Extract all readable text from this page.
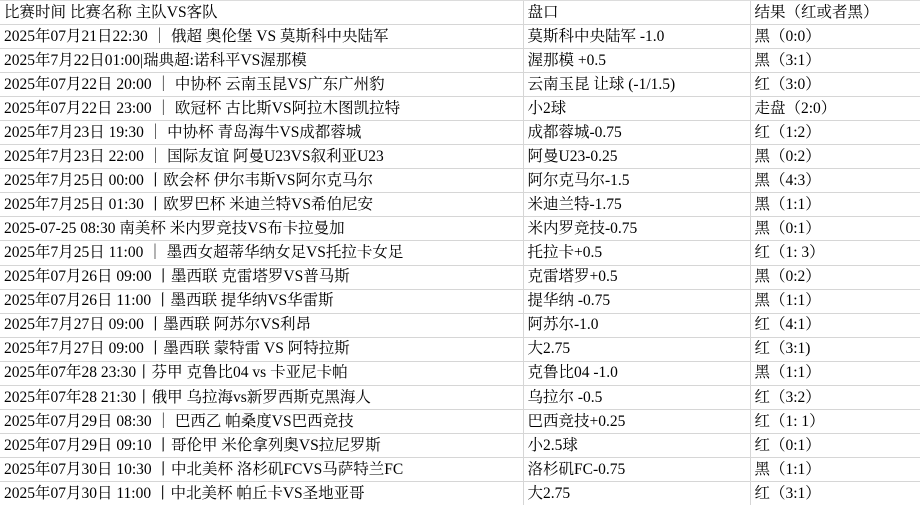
比赛时间 比赛名称 主队VS客队	盘口	结果（红或者黑）
2025年07月21日22:30 ｜ 俄超 奥伦堡 VS 莫斯科中央陆军	莫斯科中央陆军 -1.0	黑（0:0）
2025年7月22日01:00|瑞典超:诺科平VS渥那模	渥那模 +0.5	黑（3:1）
2025年07月22日 20:00 ｜ 中协杯 云南玉昆VS广东广州豹	云南玉昆 让球 (-1/1.5)	红（3:0）
2025年07月22日 23:00 ｜ 欧冠杯 古比斯VS阿拉木图凯拉特	小2球	走盘（2:0）
2025年7月23日 19:30 ｜ 中协杯 青岛海牛VS成都蓉城	成都蓉城-0.75	红（1:2）
2025年7月23日 22:00 ｜ 国际友谊 阿曼U23VS叙利亚U23	阿曼U23-0.25	黑（0:2）
2025年7月25日 00:00 丨欧会杯 伊尔韦斯VS阿尔克马尔	阿尔克马尔-1.5	黑（4:3）
2025年7月25日 01:30 丨欧罗巴杯 米迪兰特VS希伯尼安	米迪兰特-1.75	黑（1:1）
2025-07-25 08:30 南美杯 米内罗竞技VS布卡拉曼加	米内罗竞技-0.75	黑（0:1）
2025年7月25日 11:00 ｜ 墨西女超蒂华纳女足VS托拉卡女足	托拉卡+0.5	红（1: 3）
2025年07月26日 09:00 丨墨西联 克雷塔罗VS普马斯	克雷塔罗+0.5	黑（0:2）
2025年07月26日 11:00 丨墨西联 提华纳VS华雷斯	提华纳 -0.75	黑（1:1）
2025年7月27日 09:00 丨墨西联 阿苏尔VS利昂	阿苏尔-1.0	红（4:1）
2025年7月27日 09:00 丨墨西联 蒙特雷 VS 阿特拉斯	大2.75	红（3:1)
2025年07年28 23:30丨芬甲 克鲁比04 vs 卡亚尼卡帕	克鲁比04 -1.0	黑（1:1）
2025年07年28 21:30丨俄甲 乌拉海vs新罗西斯克黑海人	乌拉尔 -0.5	红（3:2）
2025年07月29日 08:30 ｜ 巴西乙 帕桑度VS巴西竞技	巴西竞技+0.25	红（1: 1）
2025年07月29日 09:10 丨哥伦甲 米伦拿列奥VS拉尼罗斯	小2.5球	红（0:1）
2025年07月30日 10:30 丨中北美杯 洛杉矶FCVS马萨特兰FC	洛杉矶FC-0.75	黑（1:1）
2025年07月30日 11:00 丨中北美杯 帕丘卡VS圣地亚哥	大2.75	红（3:1）
